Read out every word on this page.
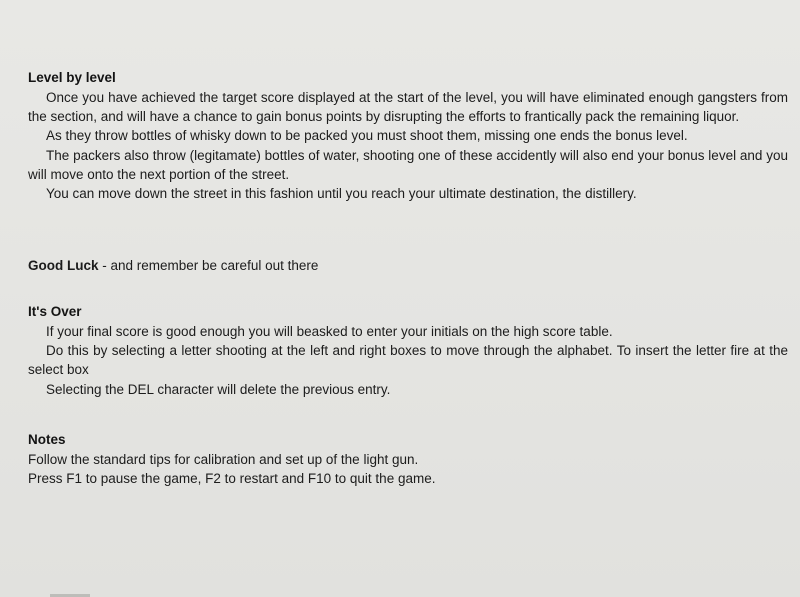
Level by level

Once you have achieved the target score displayed at the start of the level, you will have eliminated enough gangsters from the section, and will have a chance to gain bonus points by disrupting the efforts to frantically pack the remaining liquor.

As they throw bottles of whisky down to be packed you must shoot them, missing one ends the bonus level.

The packers also throw (legitamate) bottles of water, shooting one of these accidently will also end your bonus level and you will move onto the next portion of the street.

You can move down the street in this fashion until you reach your ultimate destination, the distillery.

Good Luck - and remember be careful out there

It's Over

If your final score is good enough you will beasked to enter your initials on the high score table.

Do this by selecting a letter shooting at the left and right boxes to move through the alphabet. To insert the letter fire at the select box

Selecting the DEL character will delete the previous entry.

Notes

Follow the standard tips for calibration and set up of the light gun.

Press F1 to pause the game, F2 to restart and F10 to quit the game.
